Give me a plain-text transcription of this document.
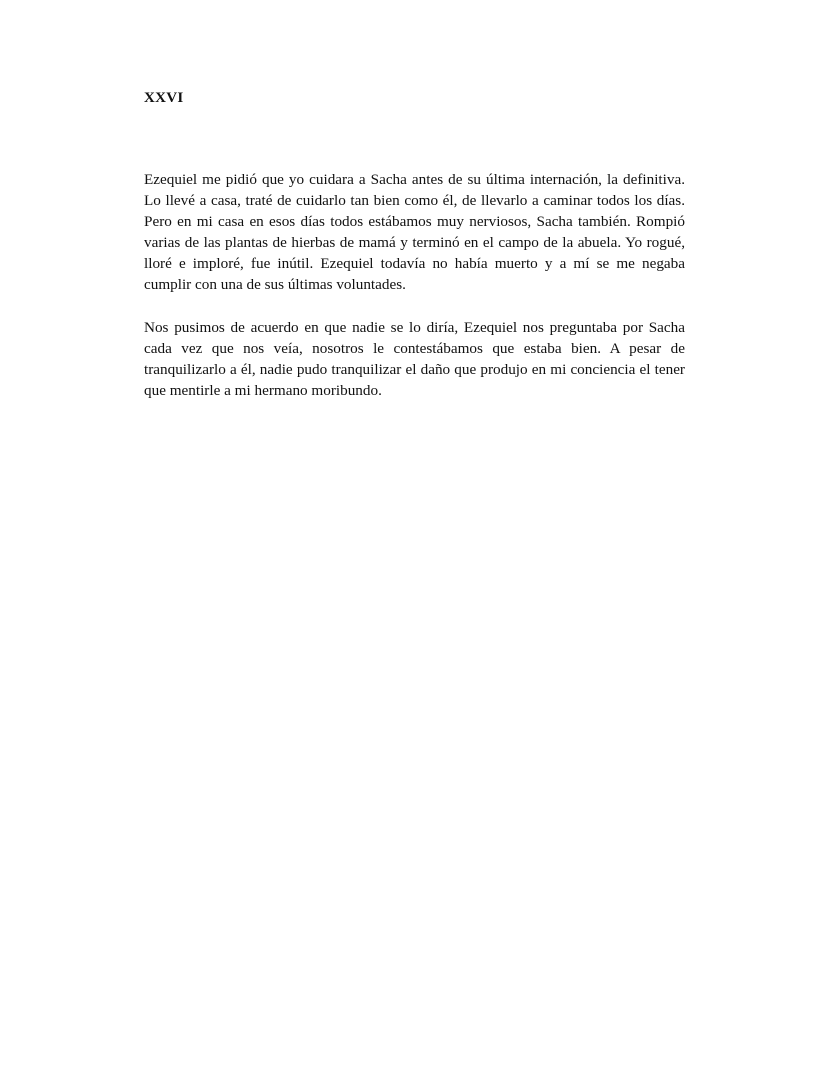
XXVI

Ezequiel me pidió que yo cuidara a Sacha antes de su última internación, la definitiva.
Lo llevé a casa, traté de cuidarlo tan bien como él, de llevarlo a caminar todos los días.
Pero en mi casa en esos días todos estábamos muy nerviosos, Sacha también. Rompió
varias de las plantas de hierbas de mamá y terminó en el campo de la abuela. Yo rogué,
lloré e imploré, fue inútil. Ezequiel todavía no había muerto y a mí se me negaba
cumplir con una de sus últimas voluntades.

Nos pusimos de acuerdo en que nadie se lo diría, Ezequiel nos preguntaba por Sacha
cada vez que nos veía, nosotros le contestábamos que estaba bien. A pesar de
tranquilizarlo a él, nadie pudo tranquilizar el daño que produjo en mi conciencia el tener
que mentirle a mi hermano moribundo.
